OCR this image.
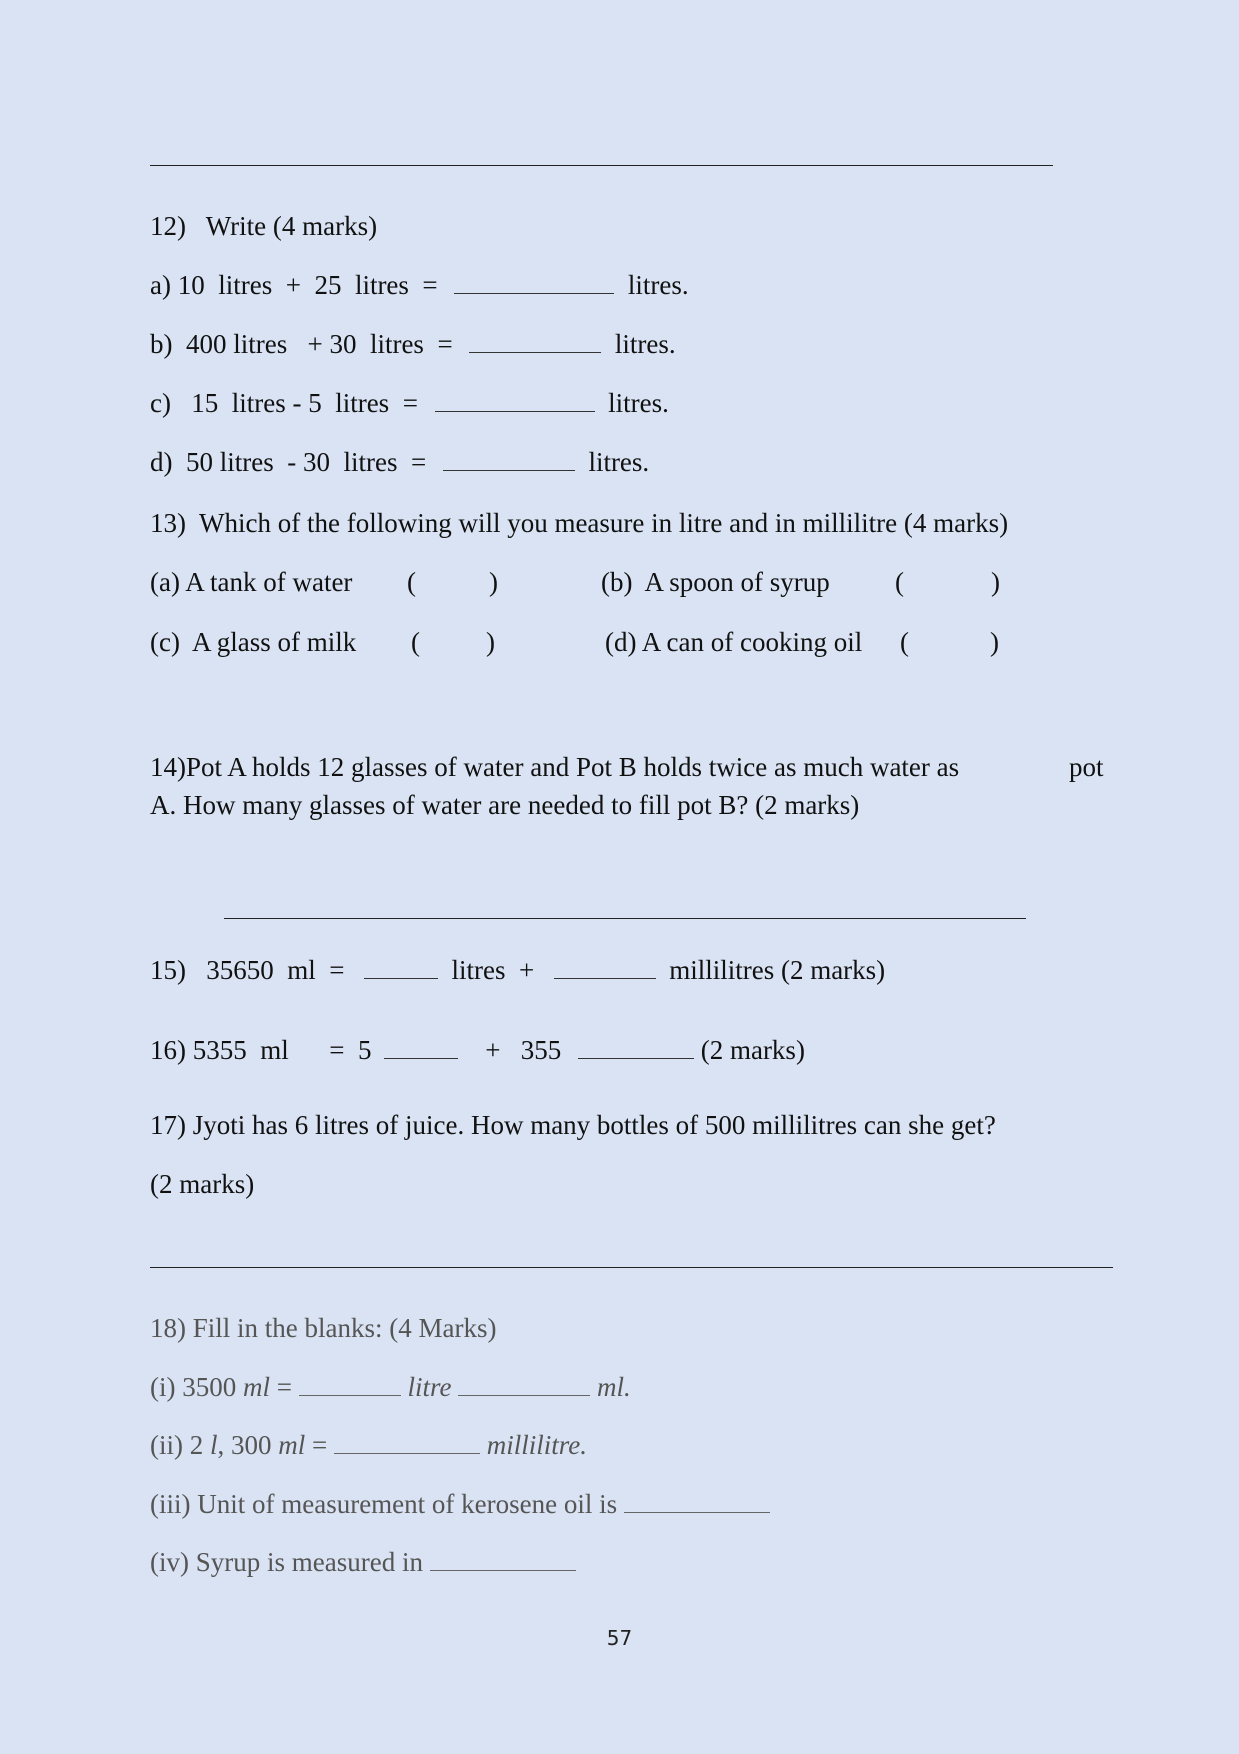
12)   Write (4 marks)
a) 10  litres  +  25  litres  =	litres.
b)  400 litres   + 30  litres  =	litres.
c)   15  litres - 5  litres  =	litres.
d)  50 litres  - 30  litres  =	litres.
13)  Which of the following will you measure in litre and in millilitre (4 marks)
(a) A tank of water (	)	(b)  A spoon of syrup (	)
(c)  A glass of milk ( )	(d) A can of cooking oil (	)
14)Pot A holds 12 glasses of water and Pot B holds twice as much water as	pot
A. How many glasses of water are needed to fill pot B? (2 marks)
15)   35650  ml  =	litres  +	millilitres (2 marks)
16) 5355  ml =  5	+   355	(2 marks)
17) Jyoti has 6 litres of juice. How many bottles of 500 millilitres can she get?
(2 marks)
18) Fill in the blanks: (4 Marks)
(i) 3500 ml =	litre	ml.
(ii) 2 l, 300 ml =	millilitre.
(iii) Unit of measurement of kerosene oil is
(iv) Syrup is measured in
57
